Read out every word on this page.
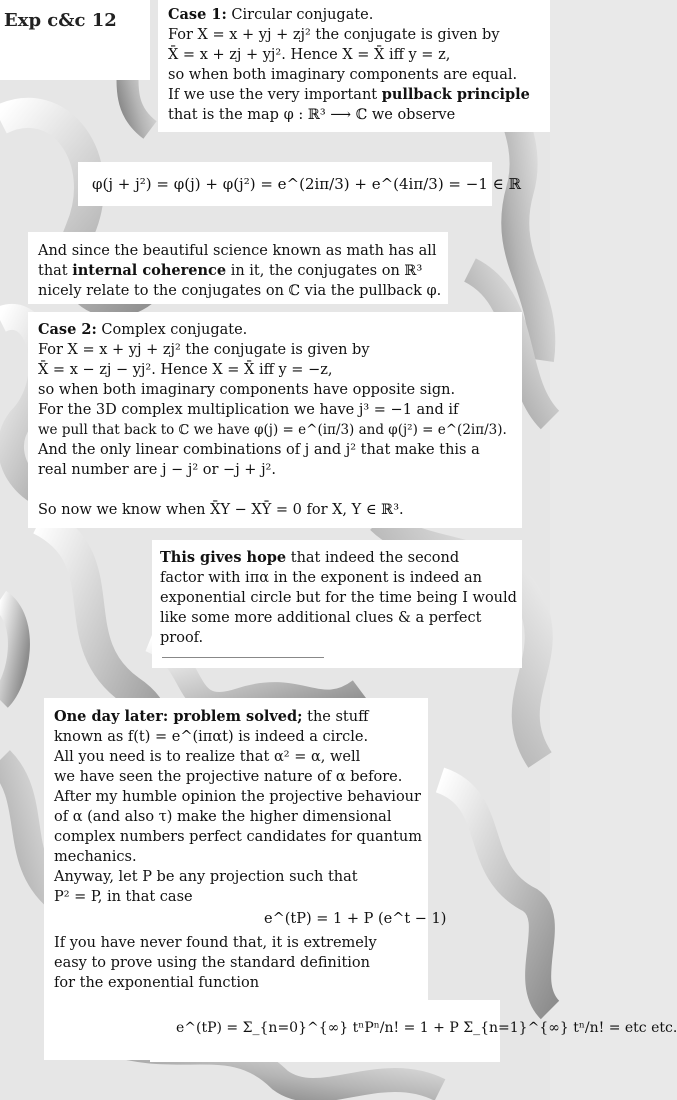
Exp c&c 12	Case 1: Circular conjugate.
For X = x + yj + zj² the conjugate is given by
X̄ = x + zj + yj². Hence X = X̄ iff y = z,
so when both imaginary components are equal.
If we use the very important pullback principle
that is the map φ : ℝ³ ⟶ ℂ we observe
φ(j + j²) = φ(j) + φ(j²) = e^(2iπ/3) + e^(4iπ/3) = −1 ∈ ℝ
And since the beautiful science known as math has all
that internal coherence in it, the conjugates on ℝ³
nicely relate to the conjugates on ℂ via the pullback φ.
Case 2: Complex conjugate.
For X = x + yj + zj² the conjugate is given by
X̄ = x − zj − yj². Hence X = X̄ iff y = −z,
so when both imaginary components have opposite sign.
For the 3D complex multiplication we have j³ = −1 and if
we pull that back to ℂ we have φ(j) = e^(iπ/3) and φ(j²) = e^(2iπ/3).
And the only linear combinations of j and j² that make this a
real number are j − j² or −j + j².
So now we know when X̄Y − XȲ = 0 for X, Y ∈ ℝ³.
This gives hope that indeed the second
factor with iπα in the exponent is indeed an
exponential circle but for the time being I would
like some more additional clues & a perfect
proof.
One day later: problem solved; the stuff
known as f(t) = e^(iπαt) is indeed a circle.
All you need is to realize that α² = α, well
we have seen the projective nature of α before.
After my humble opinion the projective behaviour
of α (and also τ) make the higher dimensional
complex numbers perfect candidates for quantum
mechanics.
Anyway, let P be any projection such that
P² = P, in that case
e^(tP) = 1 + P (e^t − 1)
If you have never found that, it is extremely
easy to prove using the standard definition
for the exponential function
e^(tP) = Σ_{n=0}^{∞} tⁿPⁿ/n! = 1 + P Σ_{n=1}^{∞} tⁿ/n! = etc etc.
